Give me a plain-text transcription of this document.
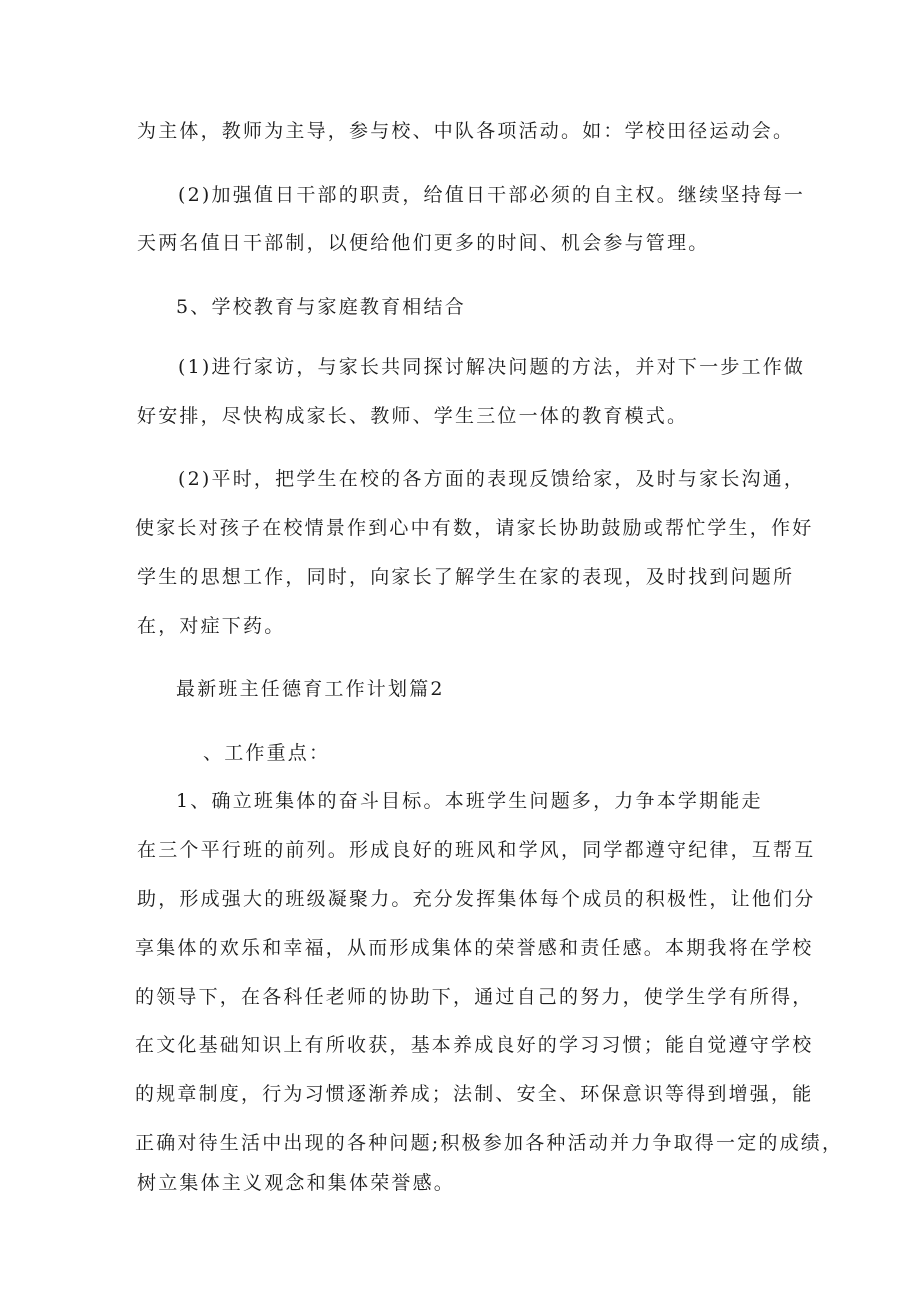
为主体，教师为主导，参与校、中队各项活动。如：学校田径运动会。
(2)加强值日干部的职责，给值日干部必须的自主权。继续坚持每一
天两名值日干部制，以便给他们更多的时间、机会参与管理。
5、学校教育与家庭教育相结合
(1)进行家访，与家长共同探讨解决问题的方法，并对下一步工作做
好安排，尽快构成家长、教师、学生三位一体的教育模式。
(2)平时，把学生在校的各方面的表现反馈给家，及时与家长沟通，
使家长对孩子在校情景作到心中有数，请家长协助鼓励或帮忙学生，作好
学生的思想工作，同时，向家长了解学生在家的表现，及时找到问题所
在，对症下药。
最新班主任德育工作计划篇2
、工作重点：
1、确立班集体的奋斗目标。本班学生问题多，力争本学期能走
在三个平行班的前列。形成良好的班风和学风，同学都遵守纪律，互帮互
助，形成强大的班级凝聚力。充分发挥集体每个成员的积极性，让他们分
享集体的欢乐和幸福，从而形成集体的荣誉感和责任感。本期我将在学校
的领导下，在各科任老师的协助下，通过自己的努力，使学生学有所得，
在文化基础知识上有所收获，基本养成良好的学习习惯；能自觉遵守学校
的规章制度，行为习惯逐渐养成；法制、安全、环保意识等得到增强，能
正确对待生活中出现的各种问题;积极参加各种活动并力争取得一定的成绩，
树立集体主义观念和集体荣誉感。
